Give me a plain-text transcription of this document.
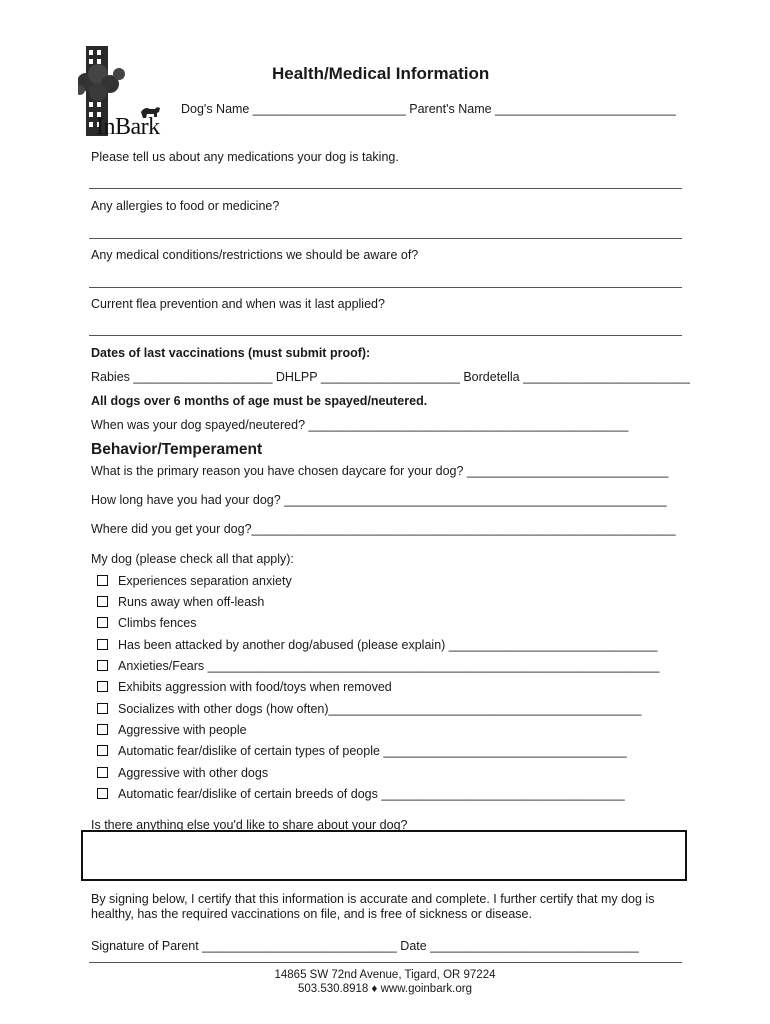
InBark
Health/Medical Information
Dog's Name ______________________ Parent's Name __________________________
Please tell us about any medications your dog is taking.
Any allergies to food or medicine?
Any medical conditions/restrictions we should be aware of?
Current flea prevention and when was it last applied?
Dates of last vaccinations (must submit proof):
Rabies ____________________ DHLPP ____________________ Bordetella ________________________
All dogs over 6 months of age must be spayed/neutered.
When was your dog spayed/neutered? ______________________________________________
Behavior/Temperament
What is the primary reason you have chosen daycare for your dog? _____________________________
How long have you had your dog? _______________________________________________________
Where did you get your dog?_____________________________________________________________
My dog (please check all that apply):
Experiences separation anxiety
Runs away when off-leash
Climbs fences
Has been attacked by another dog/abused (please explain) ______________________________
Anxieties/Fears _________________________________________________________________
Exhibits aggression with food/toys when removed
Socializes with other dogs (how often)_____________________________________________
Aggressive with people
Automatic fear/dislike of certain types of people ___________________________________
Aggressive with other dogs
Automatic fear/dislike of certain breeds of dogs ___________________________________
Is there anything else you'd like to share about your dog?
By signing below, I certify that this information is accurate and complete. I further certify that my dog is
healthy, has the required vaccinations on file, and is free of sickness or disease.
Signature of Parent ____________________________ Date ______________________________
14865 SW 72nd Avenue, Tigard, OR 97224
503.530.8918 ♦ www.goinbark.org
